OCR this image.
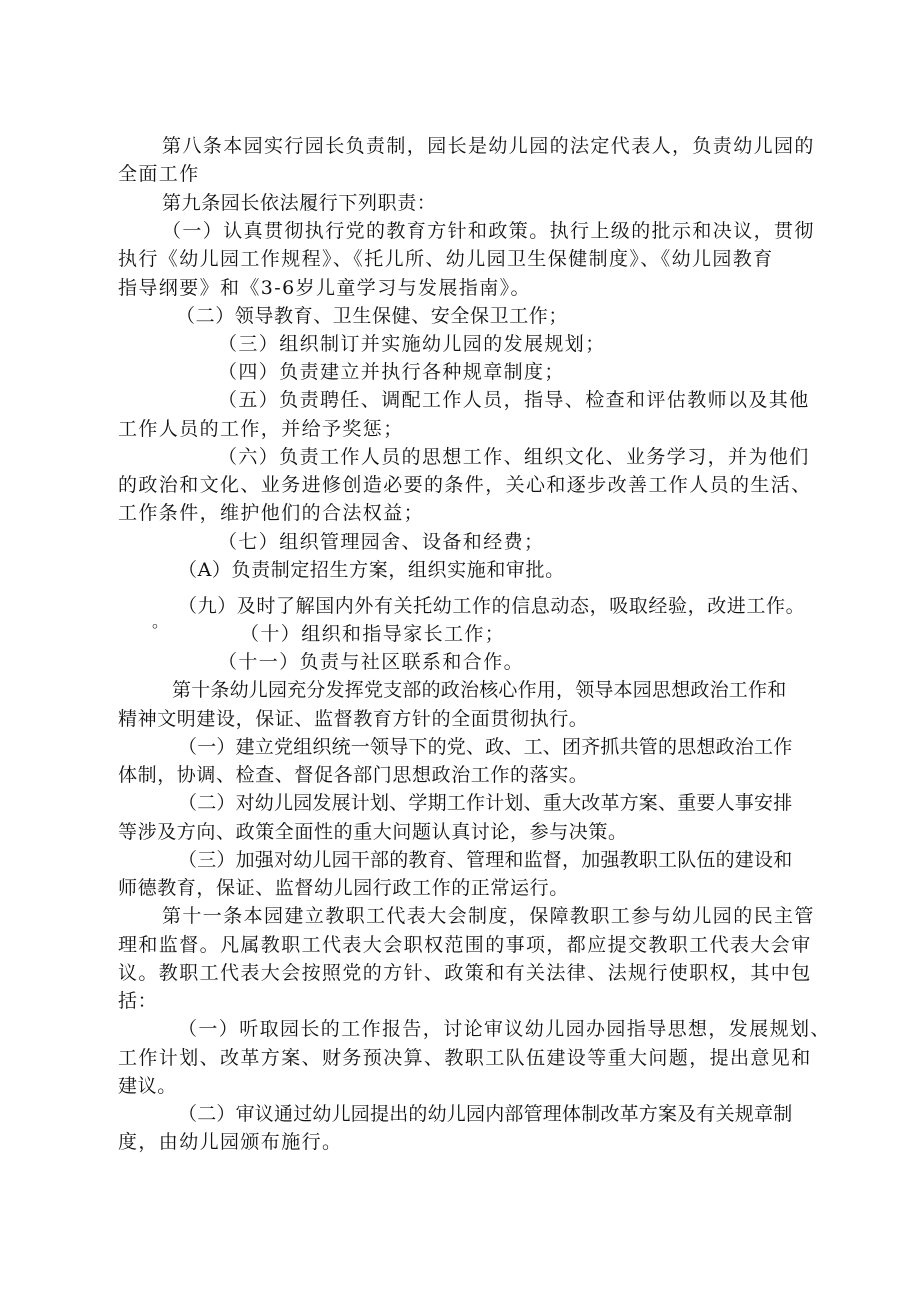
第八条本园实行园长负责制，园长是幼儿园的法定代表人，负责幼儿园的
全面工作
第九条园长依法履行下列职责：
（一）认真贯彻执行党的教育方针和政策。执行上级的批示和决议，贯彻
执行《幼儿园工作规程》、《托儿所、幼儿园卫生保健制度》、《幼儿园教育
指导纲要》和《3-6岁儿童学习与发展指南》。
（二）领导教育、卫生保健、安全保卫工作；
（三）组织制订并实施幼儿园的发展规划；
（四）负责建立并执行各种规章制度；
（五）负责聘任、调配工作人员，指导、检查和评估教师以及其他
工作人员的工作，并给予奖惩；
（六）负责工作人员的思想工作、组织文化、业务学习，并为他们
的政治和文化、业务进修创造必要的条件，关心和逐步改善工作人员的生活、
工作条件，维护他们的合法权益；
（七）组织管理园舍、设备和经费；
（A）负责制定招生方案，组织实施和审批。
（九）及时了解国内外有关托幼工作的信息动态，吸取经验，改进工作。
。
（十）组织和指导家长工作；
（十一）负责与社区联系和合作。
第十条幼儿园充分发挥党支部的政治核心作用，领导本园思想政治工作和
精神文明建设，保证、监督教育方针的全面贯彻执行。
（一）建立党组织统一领导下的党、政、工、团齐抓共管的思想政治工作
体制，协调、检查、督促各部门思想政治工作的落实。
（二）对幼儿园发展计划、学期工作计划、重大改革方案、重要人事安排
等涉及方向、政策全面性的重大问题认真讨论，参与决策。
（三）加强对幼儿园干部的教育、管理和监督，加强教职工队伍的建设和
师德教育，保证、监督幼儿园行政工作的正常运行。
第十一条本园建立教职工代表大会制度，保障教职工参与幼儿园的民主管
理和监督。凡属教职工代表大会职权范围的事项，都应提交教职工代表大会审
议。教职工代表大会按照党的方针、政策和有关法律、法规行使职权，其中包
括：
（一）听取园长的工作报告，讨论审议幼儿园办园指导思想，发展规划、
工作计划、改革方案、财务预决算、教职工队伍建设等重大问题，提出意见和
建议。
（二）审议通过幼儿园提出的幼儿园内部管理体制改革方案及有关规章制
度，由幼儿园颁布施行。
